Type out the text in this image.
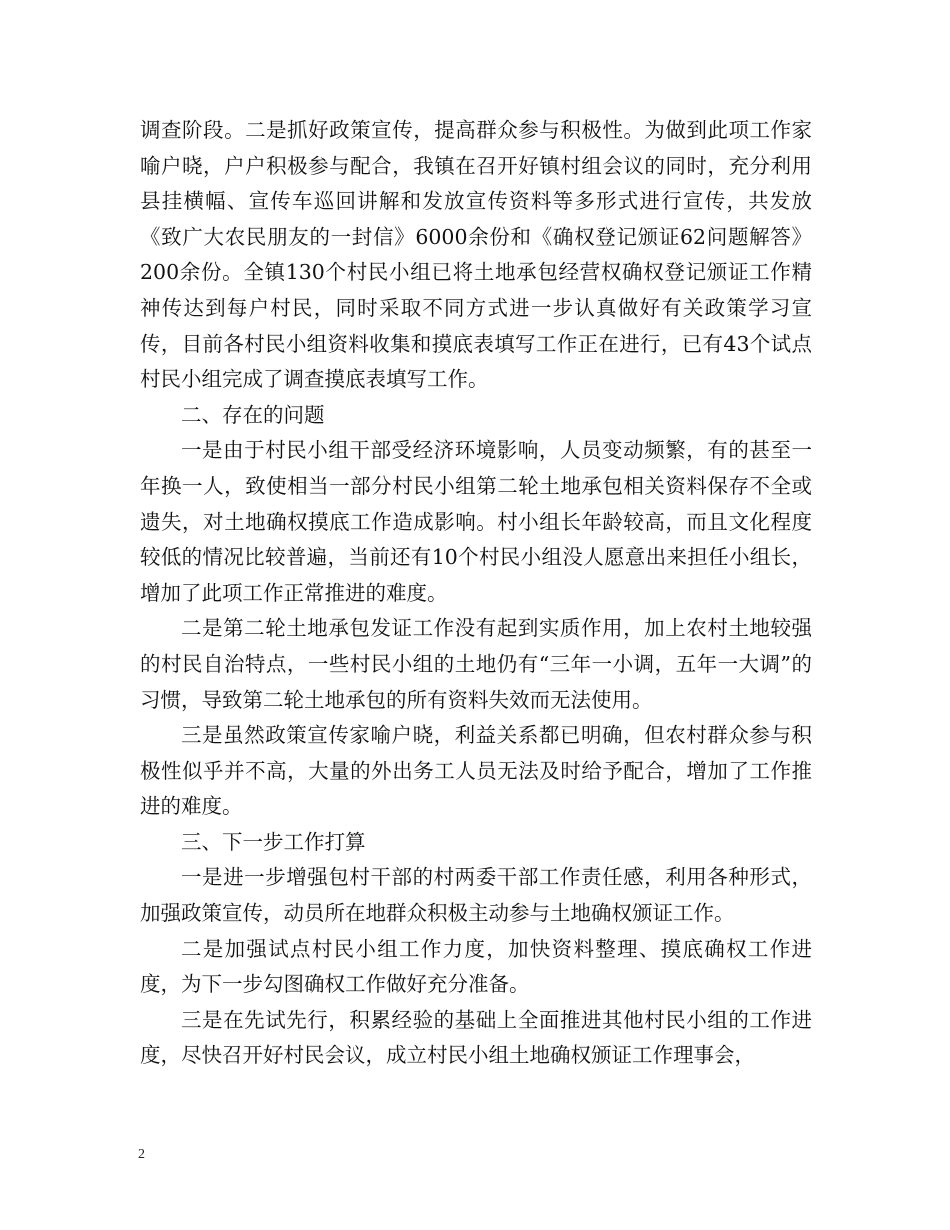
调查阶段。二是抓好政策宣传，提高群众参与积极性。为做到此项工作家喻户晓，户户积极参与配合，我镇在召开好镇村组会议的同时，充分利用县挂横幅、宣传车巡回讲解和发放宣传资料等多形式进行宣传，共发放《致广大农民朋友的一封信》6000余份和《确权登记颁证62问题解答》200余份。全镇130个村民小组已将土地承包经营权确权登记颁证工作精神传达到每户村民，同时采取不同方式进一步认真做好有关政策学习宣传，目前各村民小组资料收集和摸底表填写工作正在进行，已有43个试点村民小组完成了调查摸底表填写工作。

二、存在的问题

一是由于村民小组干部受经济环境影响，人员变动频繁，有的甚至一年换一人，致使相当一部分村民小组第二轮土地承包相关资料保存不全或遗失，对土地确权摸底工作造成影响。村小组长年龄较高，而且文化程度较低的情况比较普遍，当前还有10个村民小组没人愿意出来担任小组长，增加了此项工作正常推进的难度。

二是第二轮土地承包发证工作没有起到实质作用，加上农村土地较强的村民自治特点，一些村民小组的土地仍有“三年一小调，五年一大调”的习惯，导致第二轮土地承包的所有资料失效而无法使用。

三是虽然政策宣传家喻户晓，利益关系都已明确，但农村群众参与积极性似乎并不高，大量的外出务工人员无法及时给予配合，增加了工作推进的难度。

三、下一步工作打算

一是进一步增强包村干部的村两委干部工作责任感，利用各种形式，加强政策宣传，动员所在地群众积极主动参与土地确权颁证工作。

二是加强试点村民小组工作力度，加快资料整理、摸底确权工作进度，为下一步勾图确权工作做好充分准备。

三是在先试先行，积累经验的基础上全面推进其他村民小组的工作进度，尽快召开好村民会议，成立村民小组土地确权颁证工作理事会，

2
